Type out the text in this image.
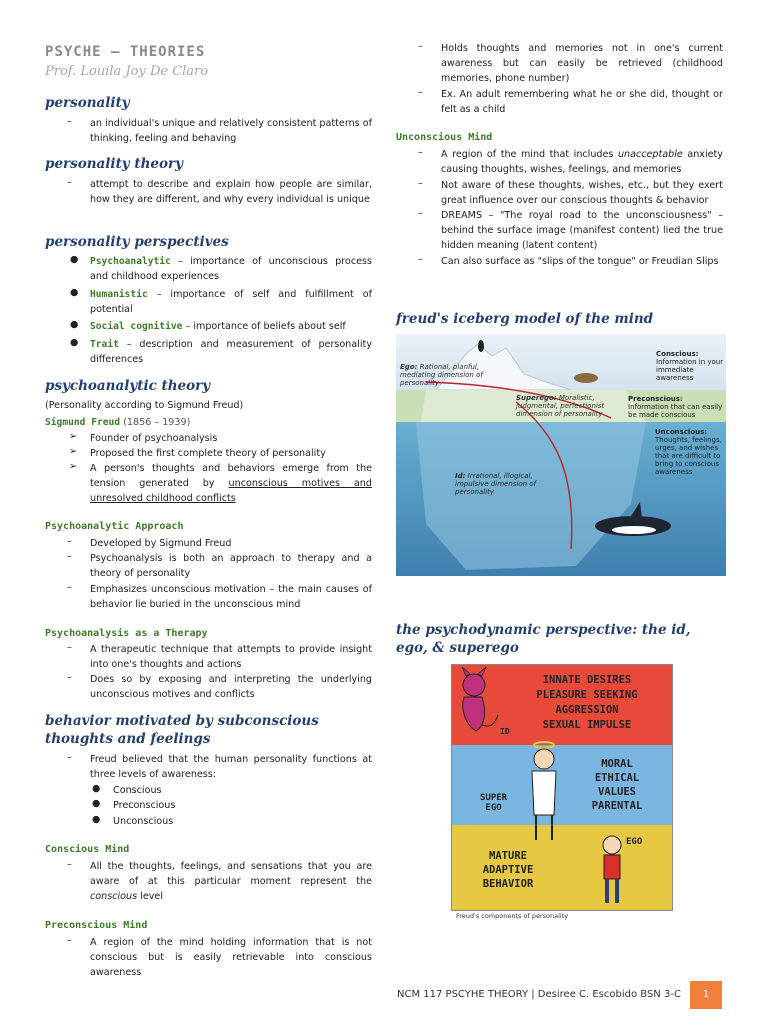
PSYCHE – THEORIES
Prof. Louila Joy De Claro
personality
– an individual's unique and relatively consistent patterns of thinking, feeling and behaving
personality theory
– attempt to describe and explain how people are similar, how they are different, and why every individual is unique
personality perspectives
● Psychoanalytic – importance of unconscious process and childhood experiences
● Humanistic – importance of self and fulfillment of potential
● Social cognitive – importance of beliefs about self
● Trait – description and measurement of personality differences
psychoanalytic theory
(Personality according to Sigmund Freud)
Sigmund Freud (1856 – 1939)
➢ Founder of psychoanalysis
➢ Proposed the first complete theory of personality
➢ A person's thoughts and behaviors emerge from the tension generated by unconscious motives and unresolved childhood conflicts
Psychoanalytic Approach
– Developed by Sigmund Freud
– Psychoanalysis is both an approach to therapy and a theory of personality
– Emphasizes unconscious motivation – the main causes of behavior lie buried in the unconscious mind
Psychoanalysis as a Therapy
– A therapeutic technique that attempts to provide insight into one's thoughts and actions
– Does so by exposing and interpreting the underlying unconscious motives and conflicts
behavior motivated by subconscious thoughts and feelings
– Freud believed that the human personality functions at three levels of awareness:
● Conscious
● Preconscious
● Unconscious
Conscious Mind
– All the thoughts, feelings, and sensations that you are aware of at this particular moment represent the conscious level
Preconscious Mind
– A region of the mind holding information that is not conscious but is easily retrievable into conscious awareness
– Holds thoughts and memories not in one's current awareness but can easily be retrieved (childhood memories, phone number)
– Ex. An adult remembering what he or she did, thought or felt as a child
Unconscious Mind
– A region of the mind that includes unacceptable anxiety causing thoughts, wishes, feelings, and memories
– Not aware of these thoughts, wishes, etc., but they exert great influence over our conscious thoughts & behavior
– DREAMS – "The royal road to the unconsciousness" – behind the surface image (manifest content) lied the true hidden meaning (latent content)
– Can also surface as "slips of the tongue" or Freudian Slips
freud's iceberg model of the mind
Ego: Rational, planful, mediating dimension of personality
Superego: Moralistic, judgmental, perfectionist dimension of personality
Id: Irrational, illogical, impulsive dimension of personality
Conscious:
Information in your immediate awareness
Preconscious:
Information that can easily be made conscious
Unconscious:
Thoughts, feelings, urges, and wishes that are difficult to bring to conscious awareness
the psychodynamic perspective: the id, ego, & superego
INNATE DESIRES
PLEASURE SEEKING
AGGRESSION
SEXUAL IMPULSE
MORAL
ETHICAL
VALUES
PARENTAL
MATURE
ADAPTIVE
BEHAVIOR
ID
SUPER
EGO
EGO
Freud's components of personality
NCM 117 PSCYHE THEORY | Desiree C. Escobido BSN 3-C	1
